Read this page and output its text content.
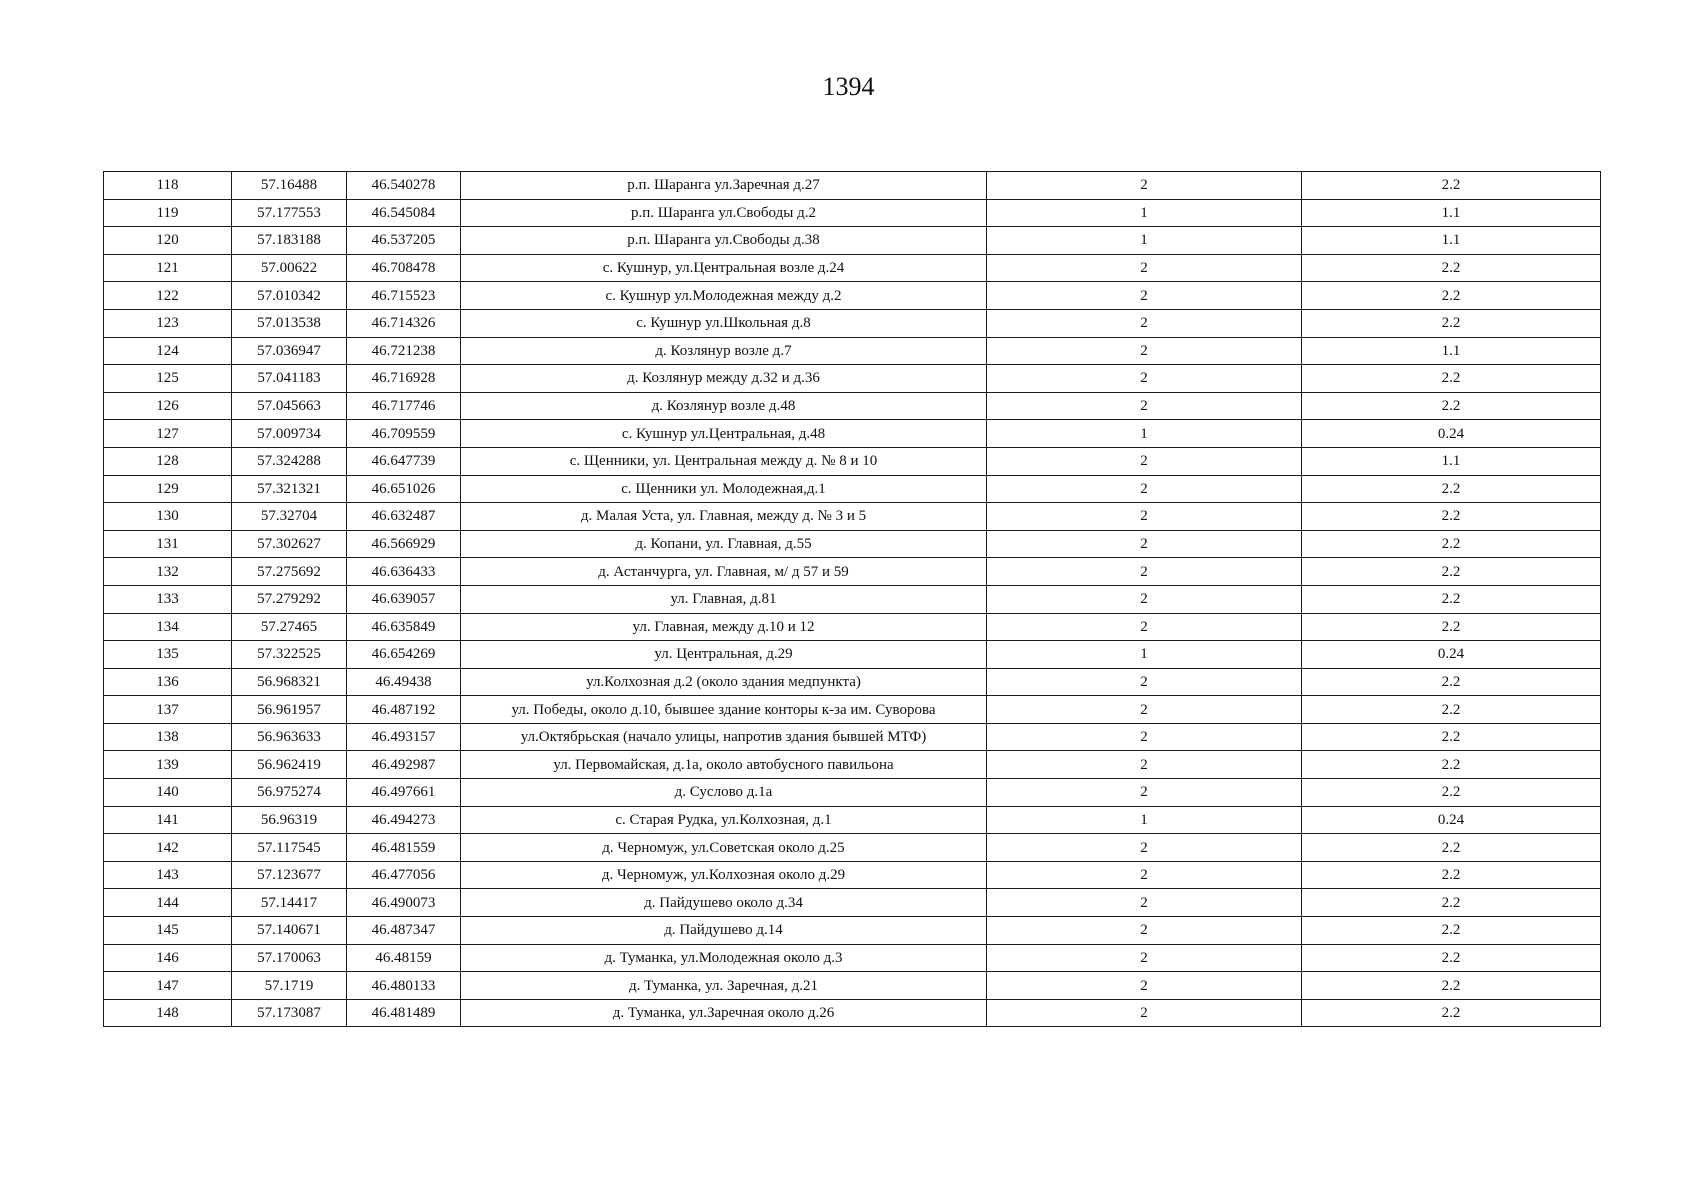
1394
118	57.16488	46.540278	р.п. Шаранга ул.Заречная д.27	2	2.2
119	57.177553	46.545084	р.п. Шаранга ул.Свободы д.2	1	1.1
120	57.183188	46.537205	р.п. Шаранга ул.Свободы д.38	1	1.1
121	57.00622	46.708478	с. Кушнур, ул.Центральная возле д.24	2	2.2
122	57.010342	46.715523	с. Кушнур ул.Молодежная между д.2	2	2.2
123	57.013538	46.714326	с. Кушнур ул.Школьная д.8	2	2.2
124	57.036947	46.721238	д. Козлянур возле д.7	2	1.1
125	57.041183	46.716928	д. Козлянур между д.32 и д.36	2	2.2
126	57.045663	46.717746	д. Козлянур возле д.48	2	2.2
127	57.009734	46.709559	с. Кушнур ул.Центральная, д.48	1	0.24
128	57.324288	46.647739	с. Щенники, ул. Центральная между д. № 8 и 10	2	1.1
129	57.321321	46.651026	с. Щенники ул. Молодежная,д.1	2	2.2
130	57.32704	46.632487	д. Малая Уста, ул. Главная, между д. № 3 и 5	2	2.2
131	57.302627	46.566929	д. Копани, ул. Главная, д.55	2	2.2
132	57.275692	46.636433	д. Астанчурга, ул. Главная, м/ д 57 и 59	2	2.2
133	57.279292	46.639057	ул. Главная, д.81	2	2.2
134	57.27465	46.635849	ул. Главная, между д.10 и 12	2	2.2
135	57.322525	46.654269	ул. Центральная, д.29	1	0.24
136	56.968321	46.49438	ул.Колхозная д.2 (около здания медпункта)	2	2.2
137	56.961957	46.487192	ул. Победы, около д.10, бывшее здание конторы к-за им. Суворова	2	2.2
138	56.963633	46.493157	ул.Октябрьская (начало улицы, напротив здания бывшей МТФ)	2	2.2
139	56.962419	46.492987	ул. Первомайская, д.1а, около автобусного павильона	2	2.2
140	56.975274	46.497661	д. Суслово д.1а	2	2.2
141	56.96319	46.494273	с. Старая Рудка, ул.Колхозная, д.1	1	0.24
142	57.117545	46.481559	д. Черномуж, ул.Советская около д.25	2	2.2
143	57.123677	46.477056	д. Черномуж, ул.Колхозная около д.29	2	2.2
144	57.14417	46.490073	д. Пайдушево около д.34	2	2.2
145	57.140671	46.487347	д. Пайдушево д.14	2	2.2
146	57.170063	46.48159	д. Туманка, ул.Молодежная около д.3	2	2.2
147	57.1719	46.480133	д. Туманка, ул. Заречная, д.21	2	2.2
148	57.173087	46.481489	д. Туманка, ул.Заречная около д.26	2	2.2
